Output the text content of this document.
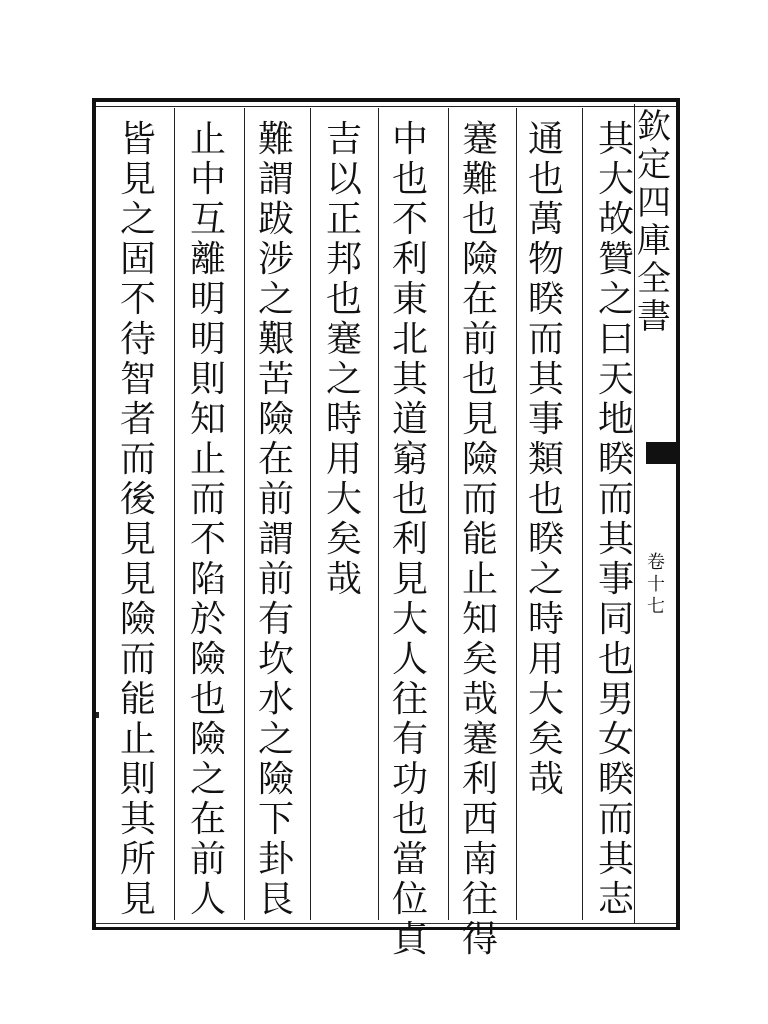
欽
定
四
庫
全
書
卷
十
七
其
大
故
贊
之
曰
天
地
睽
而
其
事
同
也
男
女
睽
而
其
志
通
也
萬
物
睽
而
其
事
類
也
睽
之
時
用
大
矣
哉
蹇
難
也
險
在
前
也
見
險
而
能
止
知
矣
哉
蹇
利
西
南
往
得
中
也
不
利
東
北
其
道
窮
也
利
見
大
人
往
有
功
也
當
位
貞
吉
以
正
邦
也
蹇
之
時
用
大
矣
哉
難
謂
跋
涉
之
艱
苦
險
在
前
謂
前
有
坎
水
之
險
下
卦
艮
止
中
互
離
明
明
則
知
止
而
不
陷
於
險
也
險
之
在
前
人
皆
見
之
固
不
待
智
者
而
後
見
見
險
而
能
止
則
其
所
見
